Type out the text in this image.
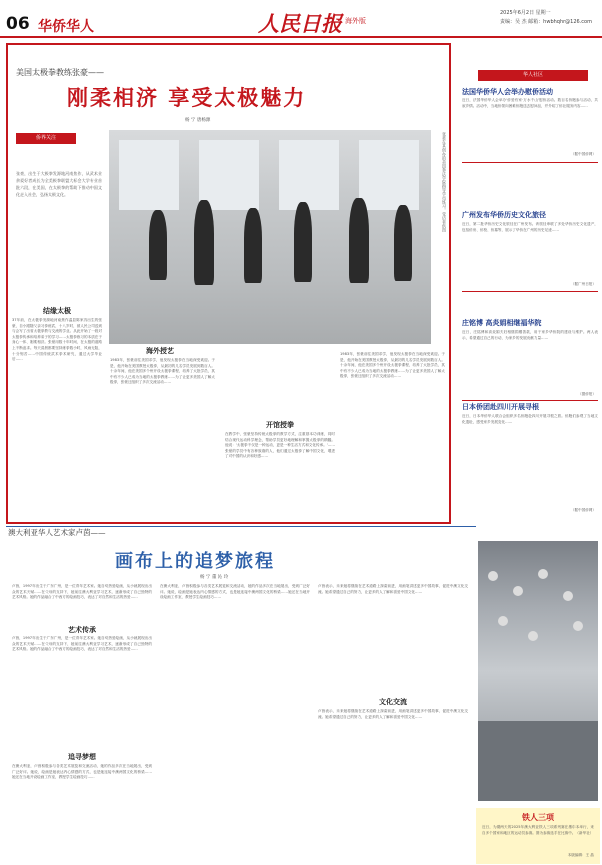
06 华侨华人	人民日报 海外版
2025年6月2日 星期一
责编：吴 杰 邮箱：hwbhqhr@126.com
美国太极拳教练张豪——
刚柔相济 享受太极魅力
杨 宁 唐杨源
侨界关注
张豪，出生于大极拳发源地河南焦作，从武术业余爱好者成长为全美极拳联盟大标会大学专业首批六段，在美国，在太极拳的帮助下推动中国文化走入社会，弘扬太极文化。	张豪在其创办的美国拳法学院指导学员练习。受访者供图
结缘太极
37年前，在太极拳发源地河南焦作温县陈家沟出生的张豪，自小跟随父亲习拳练武，十八岁时，被人民公司送到与会写了出省太极拳教与交流的学业。从此开始了一段对太极拳传承和培养弟子的学习……太极拳练习的本质在于身心一体、刚柔相济。张豪用数十年时间，在太极的道路上不断追求。每天清晨都要坚持练拳数小时，风雨无阻，十分刻苦……中国传统武术拳术研究，通过大学毕业后……
海外授艺
1983年，张豪前往美国求学，他发现太极拳在当地深受欢迎。于是，他开始在美国教授太极拳，从最初的几名学员发展到数百人。十余年间，他在美国多个州开设太极拳课程，培养了大批学员，其中有不少人已成为当地的太极拳教练……为了让更多美国人了解太极拳，张豪还组织了多次交流活动……
开馆授拳
在教学中，张豪坚持传统太极拳的教学方式，注重基本功训练，同时结合现代运动科学理念，帮助学员更好地理解和掌握太极拳的精髓。他说：'太极拳不仅是一种运动，更是一种生活方式和文化传承。'……张豪的学员中有各种族裔的人，他们通过太极拳了解中国文化，增进了对中国的认识和好感……
1983年，张豪前往美国求学，他发现太极拳在当地深受欢迎。于是，他开始在美国教授太极拳，从最初的几名学员发展到数百人。十余年间，他在美国多个州开设太极拳课程，培养了大批学员，其中有不少人已成为当地的太极拳教练……为了让更多美国人了解太极拳，张豪还组织了多次交流活动……
华人社区
法国华侨华人会举办慰侨活动
近日，法国华侨华人会举办'侨爱有家·万水千山'慰侨活动。数百名侨胞参与活动，共叙乡情。活动中，当地侨领向困难侨胞送去慰问品，并介绍了侨社服务内容……
（据中国侨网）
广州发布华侨历史文化旅径
近日，第二批华侨历史文化旅径在广州发布。该旅径串联了多处华侨历史文化遗产，包括侨房、侨校、侨墓等，展示了华侨在广州的历史足迹……
（据广州日报）
庄铭博 高炎娟相继福华院
近日，庄铭博和高炎娟夫妇相继捐赠善款，用于家乡华侨院的建设与维护。两人表示，希望通过自己的行动，为家乡的发展贡献力量……
（据侨报）
日本侨团赴四川开展寻根
近日，日本华侨华人联合会组织多名侨胞赴四川开展寻根之旅。侨胞们参观了当地文化遗址，感受家乡发展变化……
（据中国侨网）
澳大利亚华人艺术家卢茵——
画布上的追梦旅程
杨 宁 董 沁 玲
卢茵，1997年出生于广东广州，是一位青年艺术家。她自幼热爱绘画，从小就展现出出众的艺术天赋……在父母的支持下，她前往澳大利亚学习艺术，逐渐形成了自己独特的艺术风格。她的作品融合了中西方的绘画技巧，表达了对自然和生活的热爱……
艺术传承
卢茵，1997年出生于广东广州，是一位青年艺术家。她自幼热爱绘画，从小就展现出出众的艺术天赋……在父母的支持下，她前往澳大利亚学习艺术，逐渐形成了自己独特的艺术风格。她的作品融合了中西方的绘画技巧，表达了对自然和生活的热爱……
追寻梦想
在澳大利亚，卢茵积极参与各类艺术展览和交流活动，她的作品多次在当地展出，受到广泛好评。她说，绘画是她表达内心情感的方式，也是她连接中澳两国文化的桥梁……她还在当地开设绘画工作室，教授学生绘画技巧……
在澳大利亚，卢茵积极参与各类艺术展览和交流活动，她的作品多次在当地展出，受到广泛好评。她说，绘画是她表达内心情感的方式，也是她连接中澳两国文化的桥梁……她还在当地开设绘画工作室，教授学生绘画技巧……
卢茵表示，未来她将继续在艺术道路上探索前进，用画笔讲述更多中国故事，促进中澳文化交流。她希望通过自己的努力，让更多的人了解和喜爱中国文化……
文化交流
卢茵表示，未来她将继续在艺术道路上探索前进，用画笔讲述更多中国故事，促进中澳文化交流。她希望通过自己的努力，让更多的人了解和喜爱中国文化……
铁人三项
近日，为期两天的2025年澳大利亚铁人三项系列赛在墨尔本举行，来自多个国家和地区的运动员参赛。图为参赛选手在比赛中。（新华社）
本版编辑：王 晶
